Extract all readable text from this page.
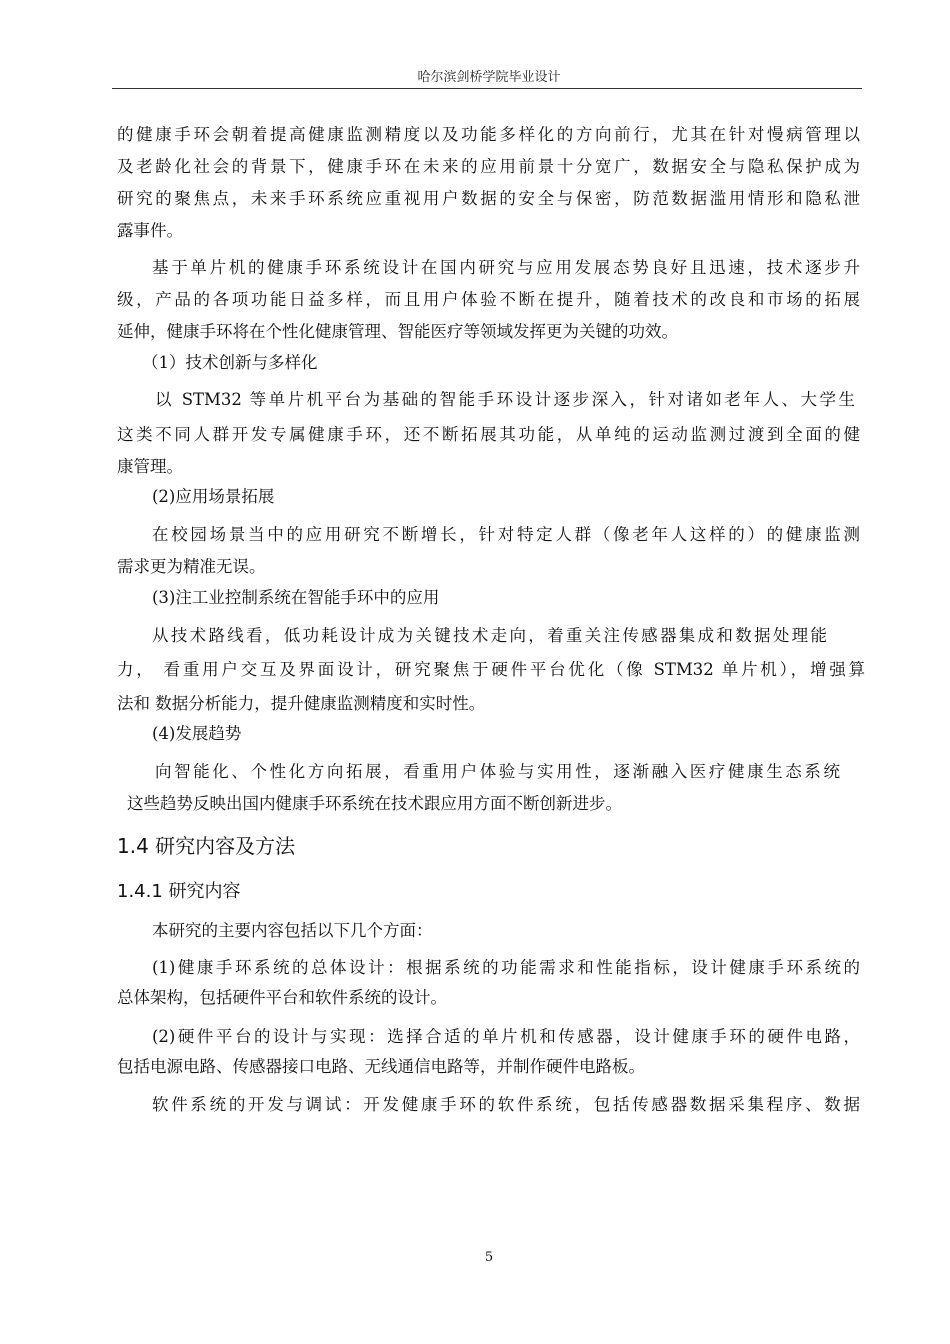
哈尔滨剑桥学院毕业设计
的健康手环会朝着提高健康监测精度以及功能多样化的方向前行，尤其在针对慢病管理以
及老龄化社会的背景下，健康手环在未来的应用前景十分宽广，数据安全与隐私保护成为
研究的聚焦点，未来手环系统应重视用户数据的安全与保密，防范数据滥用情形和隐私泄
露事件。
基于单片机的健康手环系统设计在国内研究与应用发展态势良好且迅速，技术逐步升
级，产品的各项功能日益多样，而且用户体验不断在提升，随着技术的改良和市场的拓展
延伸，健康手环将在个性化健康管理、智能医疗等领域发挥更为关键的功效。
（1）技术创新与多样化
以 STM32 等单片机平台为基础的智能手环设计逐步深入，针对诸如老年人、大学生
这类不同人群开发专属健康手环，还不断拓展其功能，从单纯的运动监测过渡到全面的健
康管理。
(2)应用场景拓展
在校园场景当中的应用研究不断增长，针对特定人群（像老年人这样的）的健康监测
需求更为精准无误。
(3)注工业控制系统在智能手环中的应用
从技术路线看，低功耗设计成为关键技术走向，着重关注传感器集成和数据处理能
力， 看重用户交互及界面设计，研究聚焦于硬件平台优化（像 STM32 单片机），增强算
法和 数据分析能力，提升健康监测精度和实时性。
(4)发展趋势
向智能化、个性化方向拓展，看重用户体验与实用性，逐渐融入医疗健康生态系统
这些趋势反映出国内健康手环系统在技术跟应用方面不断创新进步。
1.4 研究内容及方法
1.4.1 研究内容
本研究的主要内容包括以下几个方面：
(1)健康手环系统的总体设计：根据系统的功能需求和性能指标，设计健康手环系统的
总体架构，包括硬件平台和软件系统的设计。
(2)硬件平台的设计与实现：选择合适的单片机和传感器，设计健康手环的硬件电路，
包括电源电路、传感器接口电路、无线通信电路等，并制作硬件电路板。
软件系统的开发与调试：开发健康手环的软件系统，包括传感器数据采集程序、数据
5
